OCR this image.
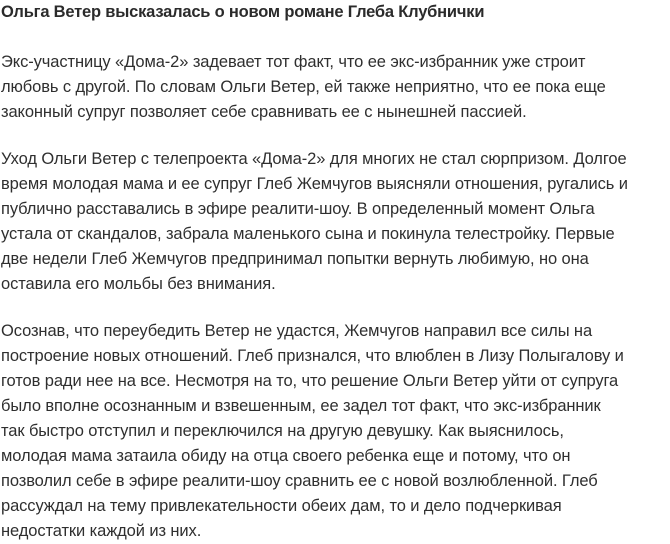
Ольга Ветер высказалась о новом романе Глеба Клубнички
Экс-участницу «Дома-2» задевает тот факт, что ее экс-избранник уже строит
любовь с другой. По словам Ольги Ветер, ей также неприятно, что ее пока еще
законный супруг позволяет себе сравнивать ее с нынешней пассией.
Уход Ольги Ветер с телепроекта «Дома-2» для многих не стал сюрпризом. Долгое
время молодая мама и ее супруг Глеб Жемчугов выясняли отношения, ругались и
публично расставались в эфире реалити-шоу. В определенный момент Ольга
устала от скандалов, забрала маленького сына и покинула телестройку. Первые
две недели Глеб Жемчугов предпринимал попытки вернуть любимую, но она
оставила его мольбы без внимания.
Осознав, что переубедить Ветер не удастся, Жемчугов направил все силы на
построение новых отношений. Глеб признался, что влюблен в Лизу Полыгалову и
готов ради нее на все. Несмотря на то, что решение Ольги Ветер уйти от супруга
было вполне осознанным и взвешенным, ее задел тот факт, что экс-избранник
так быстро отступил и переключился на другую девушку. Как выяснилось,
молодая мама затаила обиду на отца своего ребенка еще и потому, что он
позволил себе в эфире реалити-шоу сравнить ее с новой возлюбленной. Глеб
рассуждал на тему привлекательности обеих дам, то и дело подчеркивая
недостатки каждой из них.
